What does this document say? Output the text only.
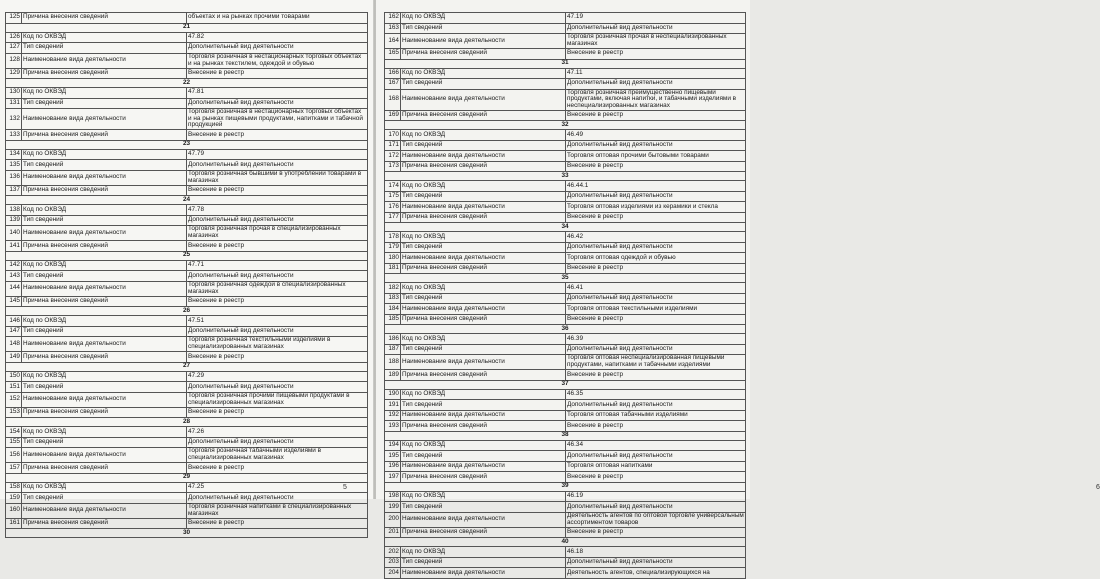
125	Причина внесения сведений	объектах и на рынках прочими товарами
21		
126	Код по ОКВЭД	47.82
127	Тип сведений	Дополнительный вид деятельности
128	Наименование вида деятельности	Торговля розничная в нестационарных торговых объектах и на рынках текстилем, одеждой и обувью
129	Причина внесения сведений	Внесение в реестр
22		
130	Код по ОКВЭД	47.81
131	Тип сведений	Дополнительный вид деятельности
132	Наименование вида деятельности	Торговля розничная в нестационарных торговых объектах и на рынках пищевыми продуктами, напитками и табачной продукцией
133	Причина внесения сведений	Внесение в реестр
23		
134	Код по ОКВЭД	47.79
135	Тип сведений	Дополнительный вид деятельности
136	Наименование вида деятельности	Торговля розничная бывшими в употреблении товарами в магазинах
137	Причина внесения сведений	Внесение в реестр
24		
138	Код по ОКВЭД	47.78
139	Тип сведений	Дополнительный вид деятельности
140	Наименование вида деятельности	Торговля розничная прочая в специализированных магазинах
141	Причина внесения сведений	Внесение в реестр
25		
142	Код по ОКВЭД	47.71
143	Тип сведений	Дополнительный вид деятельности
144	Наименование вида деятельности	Торговля розничная одеждой в специализированных магазинах
145	Причина внесения сведений	Внесение в реестр
26		
146	Код по ОКВЭД	47.51
147	Тип сведений	Дополнительный вид деятельности
148	Наименование вида деятельности	Торговля розничная текстильными изделиями в специализированных магазинах
149	Причина внесения сведений	Внесение в реестр
27		
150	Код по ОКВЭД	47.29
151	Тип сведений	Дополнительный вид деятельности
152	Наименование вида деятельности	Торговля розничная прочими пищевыми продуктами в специализированных магазинах
153	Причина внесения сведений	Внесение в реестр
28		
154	Код по ОКВЭД	47.26
155	Тип сведений	Дополнительный вид деятельности
156	Наименование вида деятельности	Торговля розничная табачными изделиями в специализированных магазинах
157	Причина внесения сведений	Внесение в реестр
29		
158	Код по ОКВЭД	47.25
159	Тип сведений	Дополнительный вид деятельности
160	Наименование вида деятельности	Торговля розничная напитками в специализированных магазинах
161	Причина внесения сведений	Внесение в реестр
30		
5	6
162	Код по ОКВЭД	47.19
163	Тип сведений	Дополнительный вид деятельности
164	Наименование вида деятельности	Торговля розничная прочая в неспециализированных магазинах
165	Причина внесения сведений	Внесение в реестр
31		
166	Код по ОКВЭД	47.11
167	Тип сведений	Дополнительный вид деятельности
168	Наименование вида деятельности	Торговля розничная преимущественно пищевыми продуктами, включая напитки, и табачными изделиями в неспециализированных магазинах
169	Причина внесения сведений	Внесение в реестр
32		
170	Код по ОКВЭД	46.49
171	Тип сведений	Дополнительный вид деятельности
172	Наименование вида деятельности	Торговля оптовая прочими бытовыми товарами
173	Причина внесения сведений	Внесение в реестр
33		
174	Код по ОКВЭД	46.44.1
175	Тип сведений	Дополнительный вид деятельности
176	Наименование вида деятельности	Торговля оптовая изделиями из керамики и стекла
177	Причина внесения сведений	Внесение в реестр
34		
178	Код по ОКВЭД	46.42
179	Тип сведений	Дополнительный вид деятельности
180	Наименование вида деятельности	Торговля оптовая одеждой и обувью
181	Причина внесения сведений	Внесение в реестр
35		
182	Код по ОКВЭД	46.41
183	Тип сведений	Дополнительный вид деятельности
184	Наименование вида деятельности	Торговля оптовая текстильными изделиями
185	Причина внесения сведений	Внесение в реестр
36		
186	Код по ОКВЭД	46.39
187	Тип сведений	Дополнительный вид деятельности
188	Наименование вида деятельности	Торговля оптовая неспециализированная пищевыми продуктами, напитками и табачными изделиями
189	Причина внесения сведений	Внесение в реестр
37		
190	Код по ОКВЭД	46.35
191	Тип сведений	Дополнительный вид деятельности
192	Наименование вида деятельности	Торговля оптовая табачными изделиями
193	Причина внесения сведений	Внесение в реестр
38		
194	Код по ОКВЭД	46.34
195	Тип сведений	Дополнительный вид деятельности
196	Наименование вида деятельности	Торговля оптовая напитками
197	Причина внесения сведений	Внесение в реестр
39		
198	Код по ОКВЭД	46.19
199	Тип сведений	Дополнительный вид деятельности
200	Наименование вида деятельности	Деятельность агентов по оптовой торговле универсальным ассортиментом товаров
201	Причина внесения сведений	Внесение в реестр
40		
202	Код по ОКВЭД	46.18
203	Тип сведений	Дополнительный вид деятельности
204	Наименование вида деятельности	Деятельность агентов, специализирующихся на
